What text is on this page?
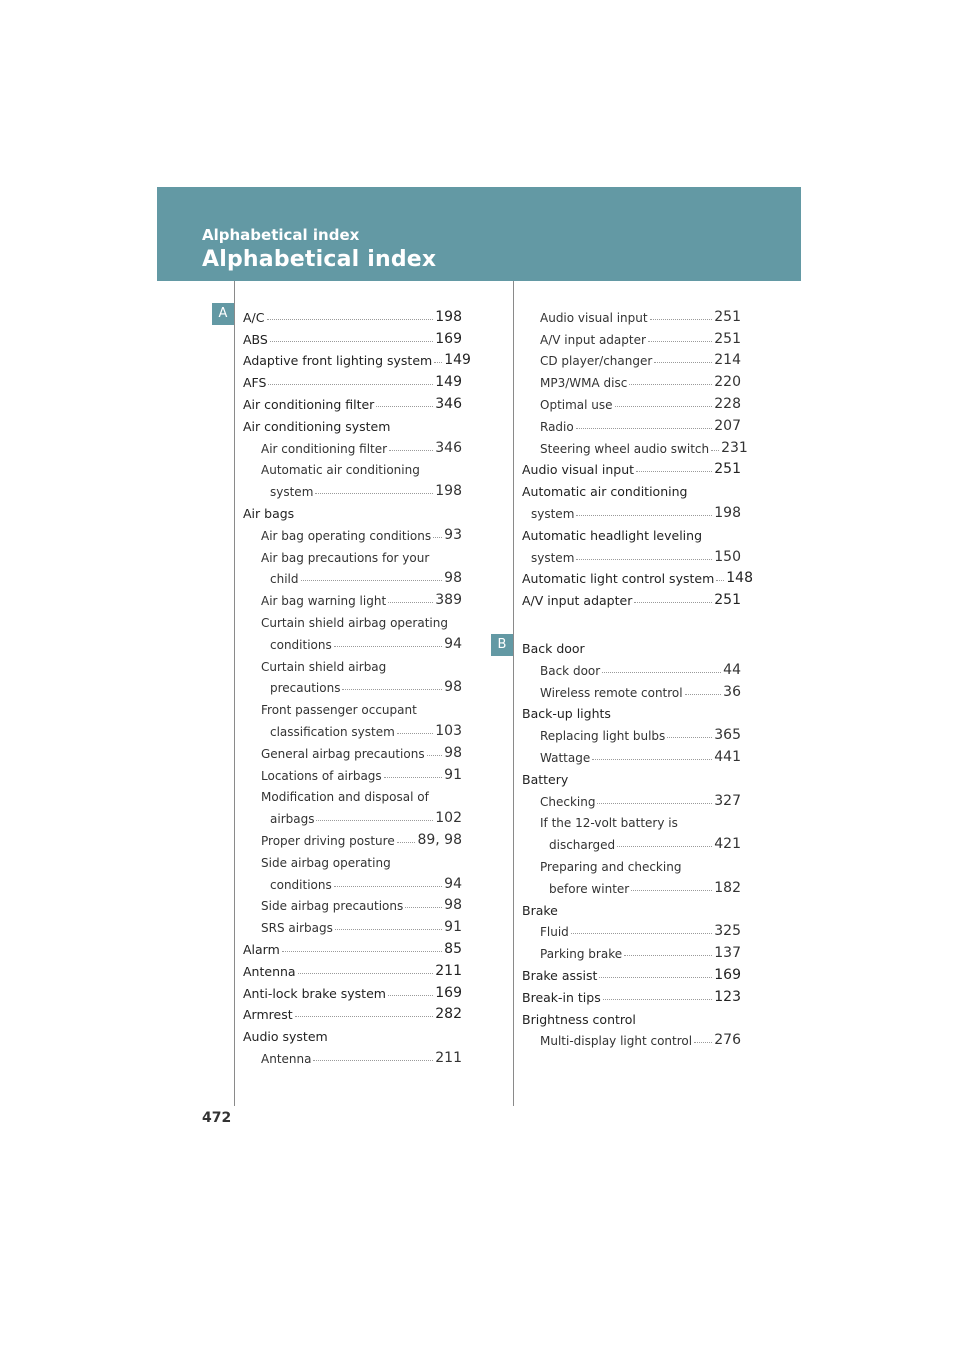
Alphabetical index
Alphabetical index
A
B
A/C	198
ABS	169
Adaptive front lighting system 149
AFS	149
Air conditioning filter	346
Air conditioning system
Air conditioning filter	346
Automatic air conditioning
system	198
Air bags
Air bag operating conditions 93
Air bag precautions for your
child	98
Air bag warning light	389
Curtain shield airbag operating
conditions	94
Curtain shield airbag
precautions	98
Front passenger occupant
classification system	103
General airbag precautions 98
Locations of airbags	91
Modification and disposal of
airbags	102
Proper driving posture 89, 98
Side airbag operating
conditions	94
Side airbag precautions	98
SRS airbags	91
Alarm	85
Antenna	211
Anti-lock brake system	169
Armrest	282
Audio system
Antenna	211
Audio visual input	251
A/V input adapter	251
CD player/changer	214
MP3/WMA disc	220
Optimal use	228
Radio	207
Steering wheel audio switch 231
Audio visual input	251
Automatic air conditioning
system	198
Automatic headlight leveling
system	150
Automatic light control system 148
A/V input adapter	251
Back door
Back door	44
Wireless remote control	36
Back-up lights
Replacing light bulbs	365
Wattage	441
Battery
Checking	327
If the 12-volt battery is
discharged	421
Preparing and checking
before winter	182
Brake
Fluid	325
Parking brake	137
Brake assist	169
Break-in tips	123
Brightness control
Multi-display light control 276
472
